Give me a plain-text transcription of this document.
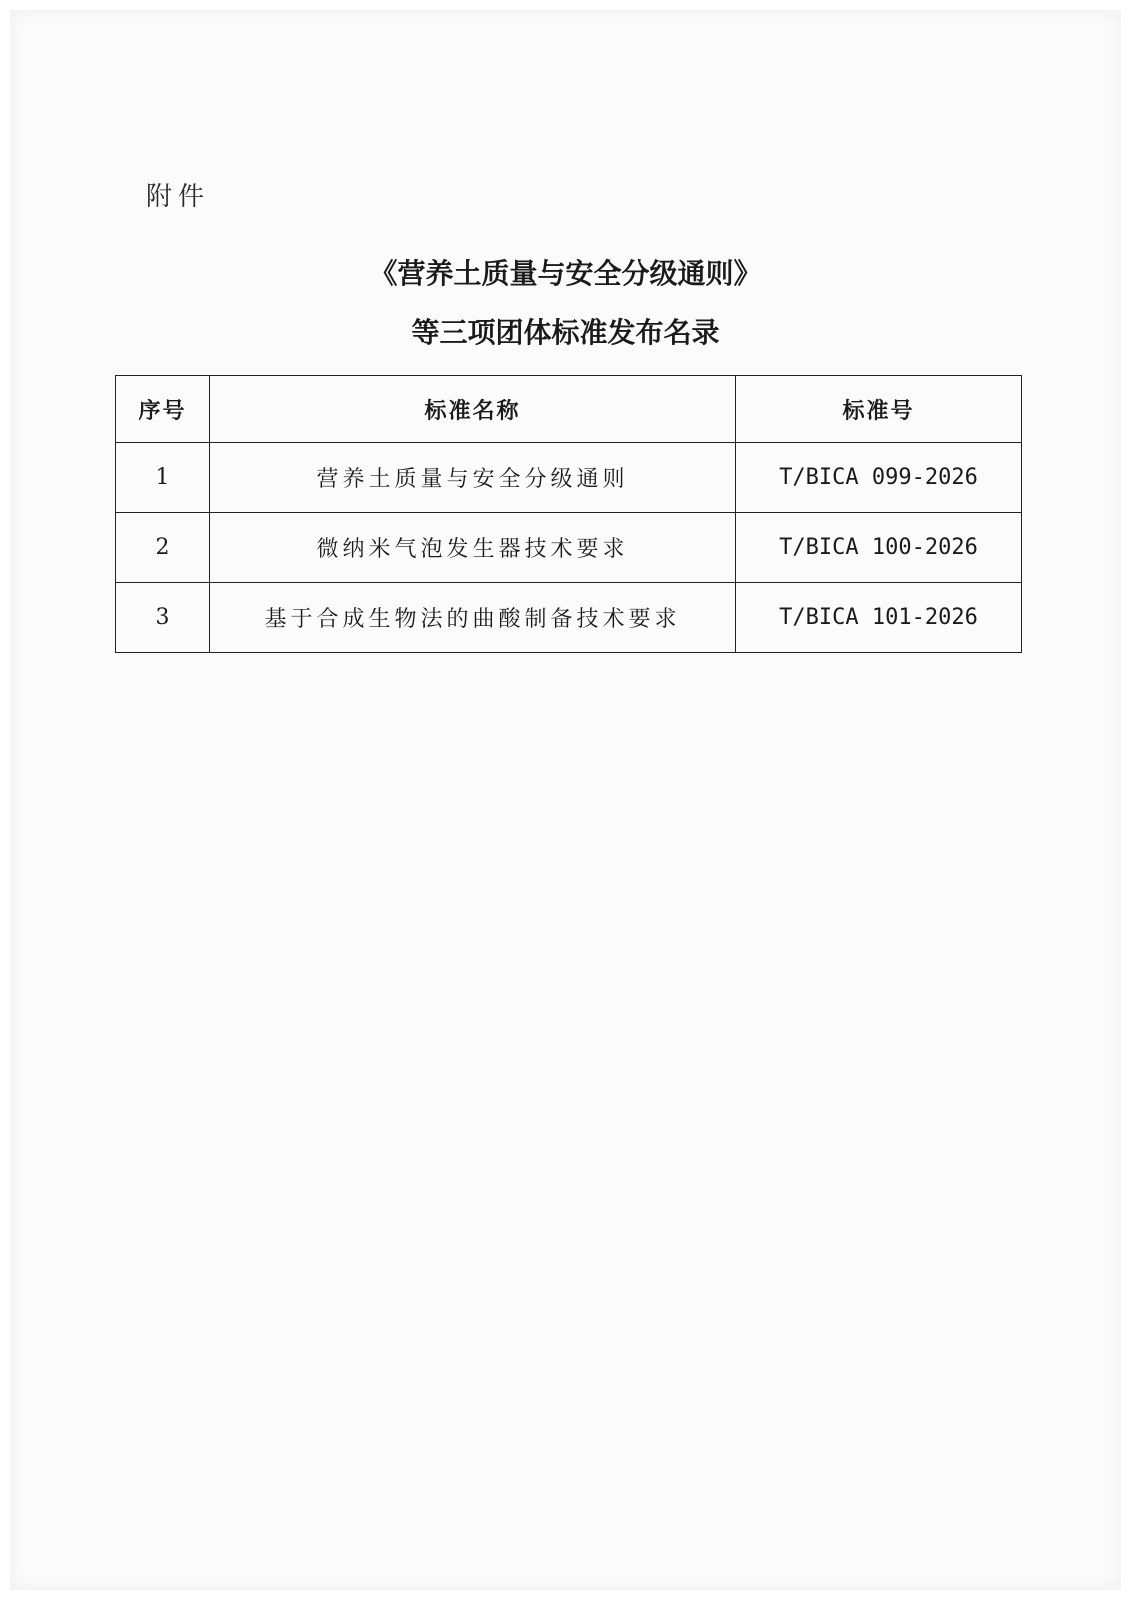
附件
《营养土质量与安全分级通则》
等三项团体标准发布名录
序号	标准名称	标准号
1	营养土质量与安全分级通则	T/BICA 099-2026
2	微纳米气泡发生器技术要求	T/BICA 100-2026
3	基于合成生物法的曲酸制备技术要求	T/BICA 101-2026
